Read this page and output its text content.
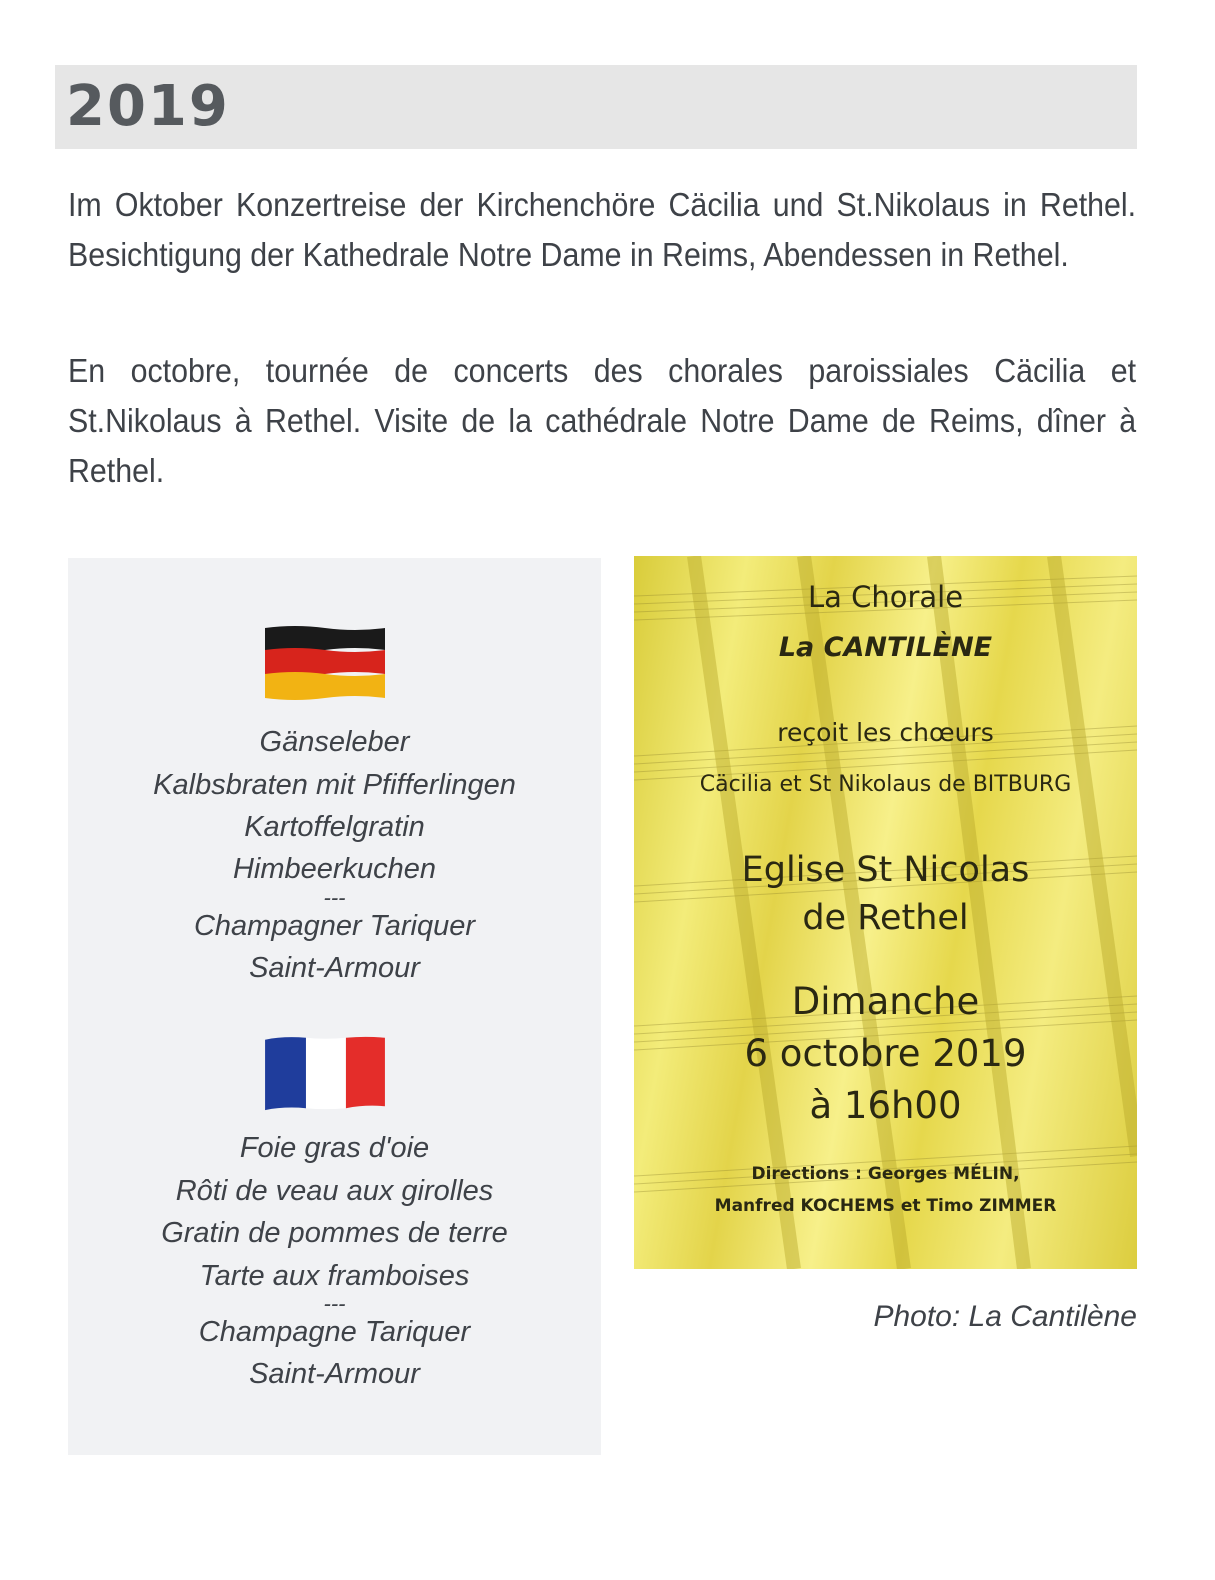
2019
Im Oktober Konzertreise der Kirchenchöre Cäcilia und St.Nikolaus in Rethel. Besichtigung der Kathedrale Notre Dame in Reims, Abendessen in Rethel.
En octobre, tournée de concerts des chorales paroissiales Cäcilia et St.Nikolaus à Rethel. Visite de la cathédrale Notre Dame de Reims, dîner à Rethel.
Gänseleber
Kalbsbraten mit Pfifferlingen
Kartoffelgratin
Himbeerkuchen
---
Champagner Tariquer
Saint-Armour
Foie gras d'oie
Rôti de veau aux girolles
Gratin de pommes de terre
Tarte aux framboises
---
Champagne Tariquer
Saint-Armour
La Chorale
La CANTILÈNE
reçoit les chœurs
Cäcilia et St Nikolaus de BITBURG
Eglise St Nicolas
de Rethel
Dimanche
6 octobre 2019
à 16h00
Directions : Georges MÉLIN,
Manfred KOCHEMS et Timo ZIMMER
Photo: La Cantilène
